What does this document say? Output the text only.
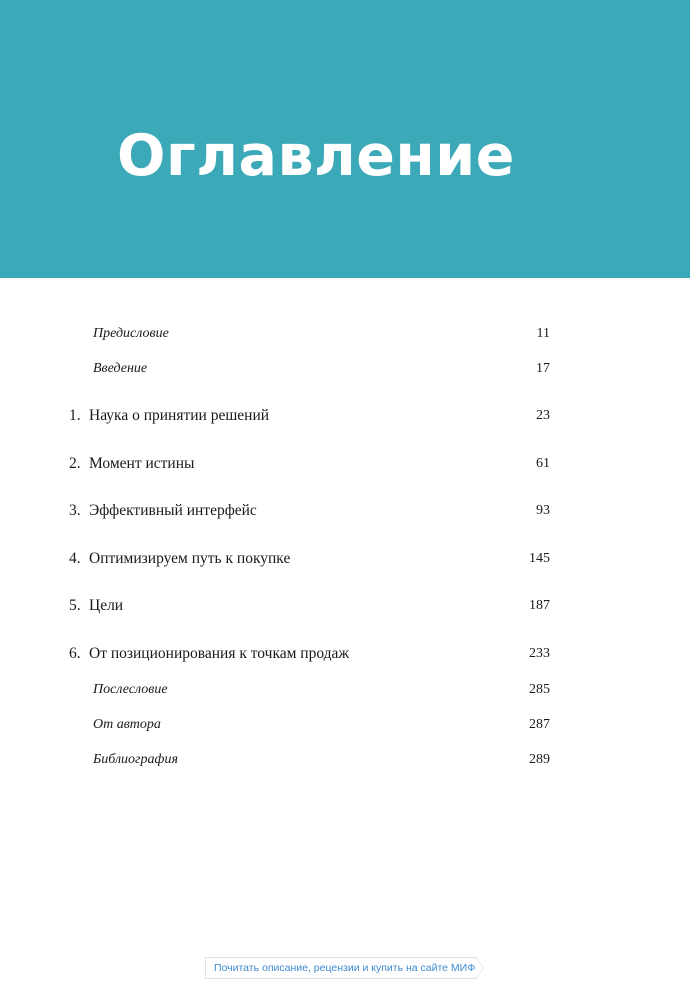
Оглавление
Предисловие	11
Введение	17
1. Наука о принятии решений	23
2. Момент истины	61
3. Эффективный интерфейс	93
4. Оптимизируем путь к покупке	145
5. Цели	187
6. От позиционирования к точкам продаж	233
Послесловие	285
От автора	287
Библиография	289
Почитать описание, рецензии и купить на сайте МИФа
